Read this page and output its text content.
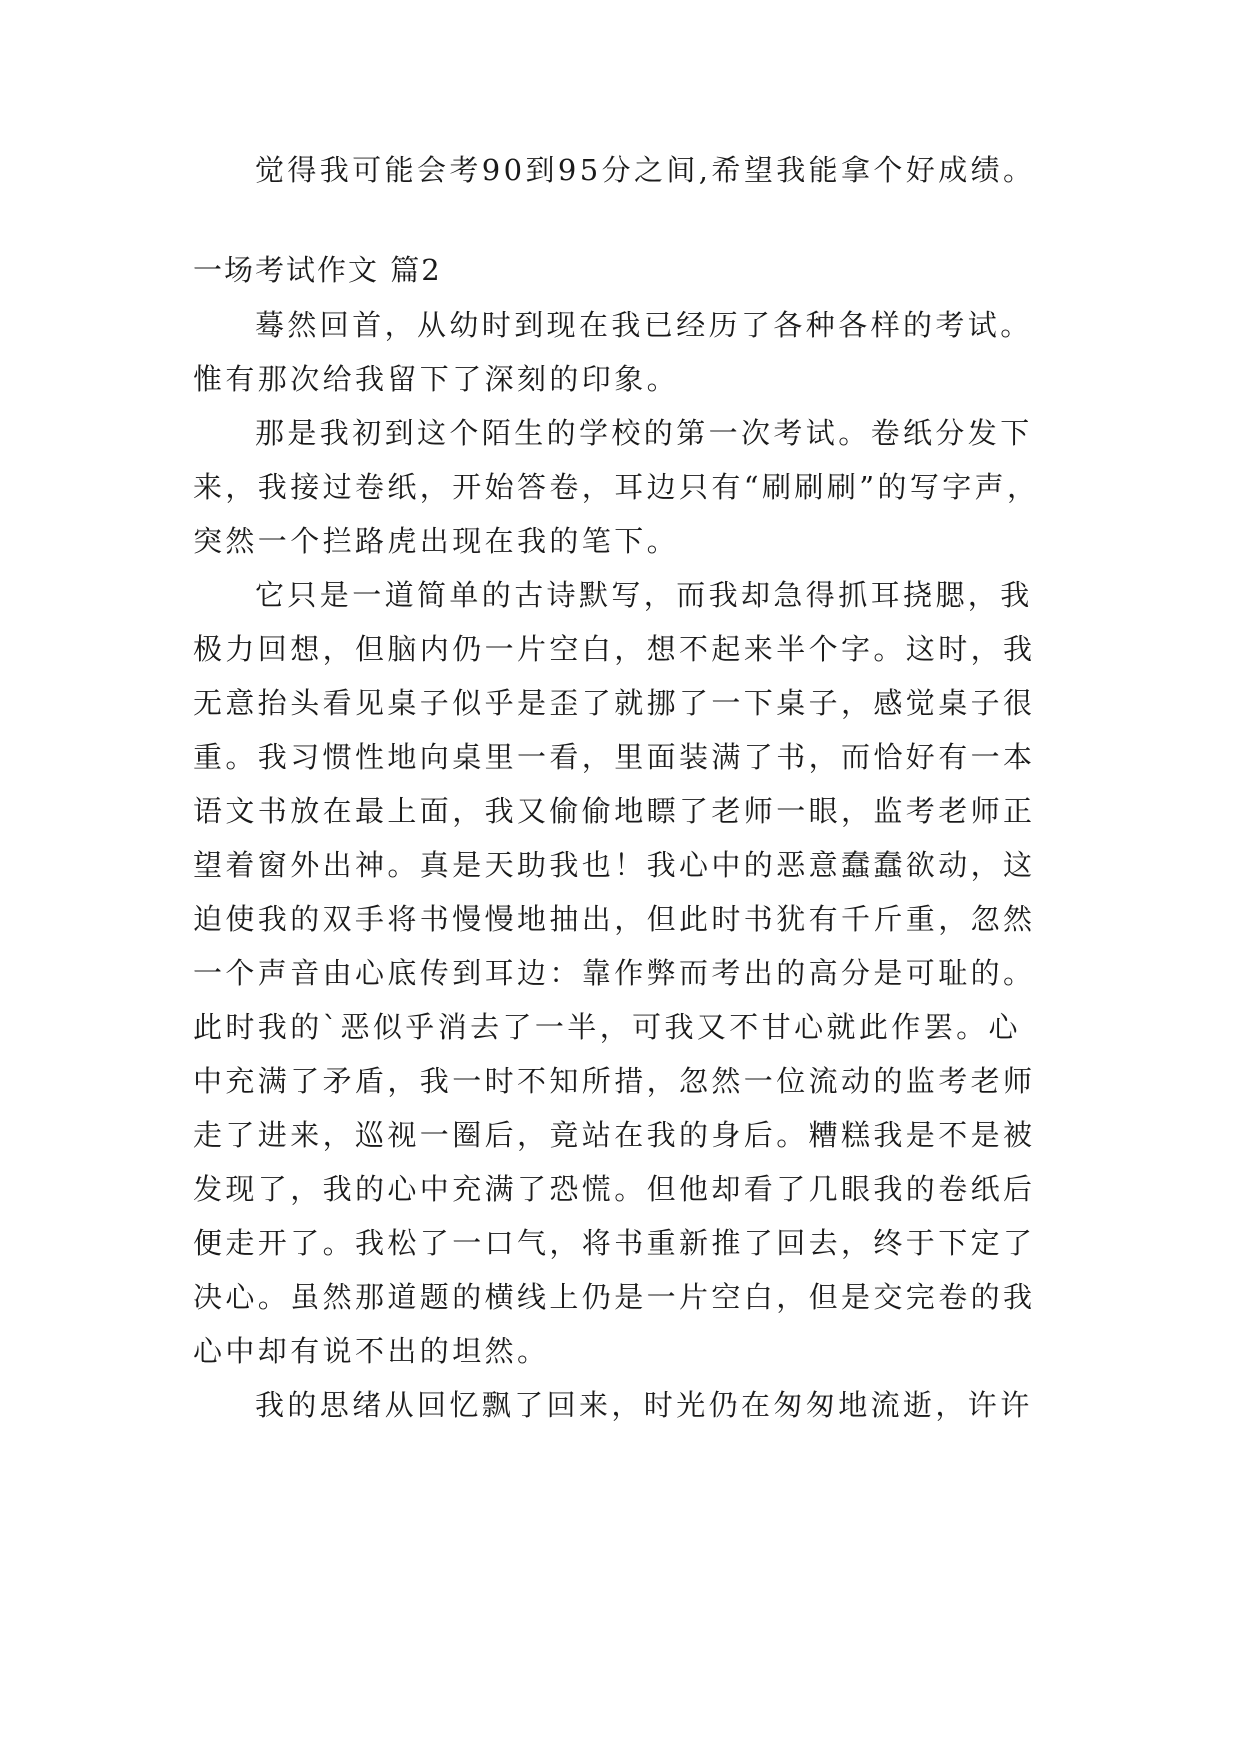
觉得我可能会考90到95分之间,希望我能拿个好成绩。
一场考试作文 篇2
蓦然回首，从幼时到现在我已经历了各种各样的考试。
惟有那次给我留下了深刻的印象。
那是我初到这个陌生的学校的第一次考试。卷纸分发下
来，我接过卷纸，开始答卷，耳边只有“刷刷刷”的写字声，
突然一个拦路虎出现在我的笔下。
它只是一道简单的古诗默写，而我却急得抓耳挠腮，我
极力回想，但脑内仍一片空白，想不起来半个字。这时，我
无意抬头看见桌子似乎是歪了就挪了一下桌子，感觉桌子很
重。我习惯性地向桌里一看，里面装满了书，而恰好有一本
语文书放在最上面，我又偷偷地瞟了老师一眼，监考老师正
望着窗外出神。真是天助我也！我心中的恶意蠢蠢欲动，这
迫使我的双手将书慢慢地抽出，但此时书犹有千斤重，忽然
一个声音由心底传到耳边：靠作弊而考出的高分是可耻的。
此时我的`恶似乎消去了一半，可我又不甘心就此作罢。心
中充满了矛盾，我一时不知所措，忽然一位流动的监考老师
走了进来，巡视一圈后，竟站在我的身后。糟糕我是不是被
发现了，我的心中充满了恐慌。但他却看了几眼我的卷纸后
便走开了。我松了一口气，将书重新推了回去，终于下定了
决心。虽然那道题的横线上仍是一片空白，但是交完卷的我
心中却有说不出的坦然。
我的思绪从回忆飘了回来，时光仍在匆匆地流逝，许许
